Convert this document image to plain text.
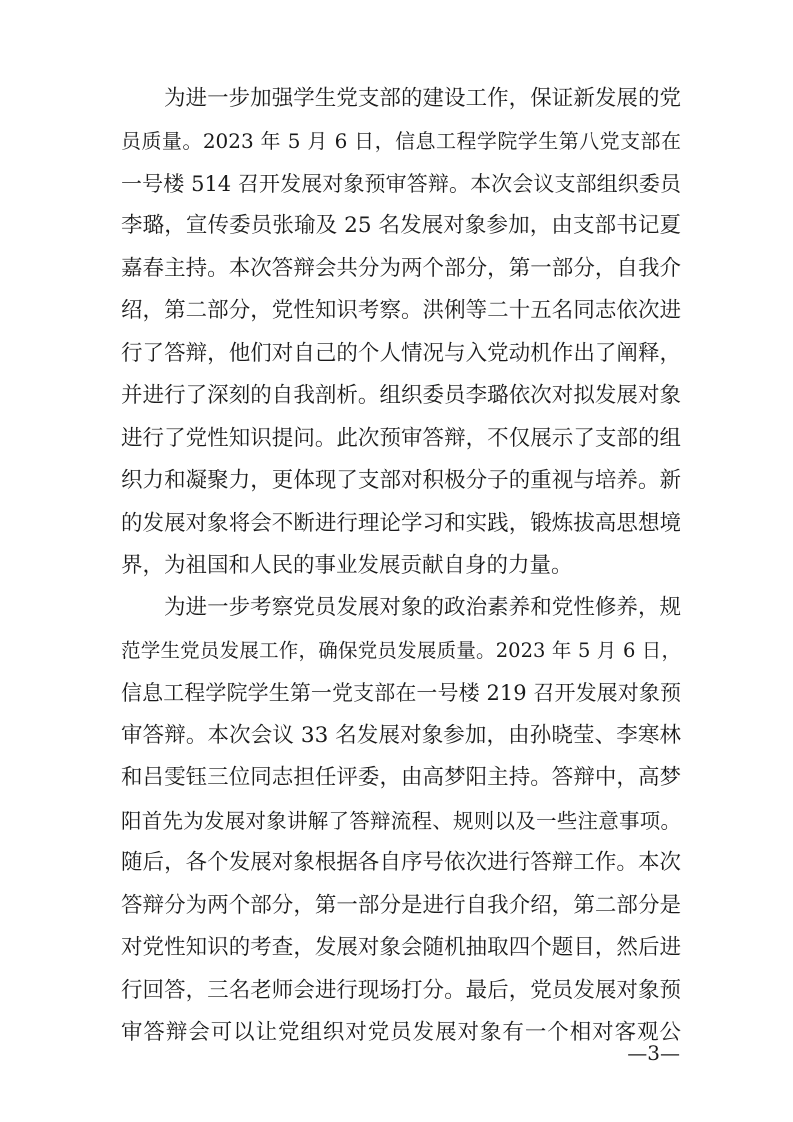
为进一步加强学生党支部的建设工作，保证新发展的党
员质量。2023 年 5 月 6 日，信息工程学院学生第八党支部在
一号楼 514 召开发展对象预审答辩。本次会议支部组织委员
李璐，宣传委员张瑜及 25 名发展对象参加，由支部书记夏
嘉春主持。本次答辩会共分为两个部分，第一部分，自我介
绍，第二部分，党性知识考察。洪俐等二十五名同志依次进
行了答辩，他们对自己的个人情况与入党动机作出了阐释，
并进行了深刻的自我剖析。组织委员李璐依次对拟发展对象
进行了党性知识提问。此次预审答辩，不仅展示了支部的组
织力和凝聚力，更体现了支部对积极分子的重视与培养。新
的发展对象将会不断进行理论学习和实践，锻炼拔高思想境
界，为祖国和人民的事业发展贡献自身的力量。
为进一步考察党员发展对象的政治素养和党性修养，规
范学生党员发展工作，确保党员发展质量。2023 年 5 月 6 日，
信息工程学院学生第一党支部在一号楼 219 召开发展对象预
审答辩。本次会议 33 名发展对象参加，由孙晓莹、李寒林
和吕雯钰三位同志担任评委，由高梦阳主持。答辩中，高梦
阳首先为发展对象讲解了答辩流程、规则以及一些注意事项。
随后，各个发展对象根据各自序号依次进行答辩工作。本次
答辩分为两个部分，第一部分是进行自我介绍，第二部分是
对党性知识的考查，发展对象会随机抽取四个题目，然后进
行回答，三名老师会进行现场打分。最后，党员发展对象预
审答辩会可以让党组织对党员发展对象有一个相对客观公
—3—
